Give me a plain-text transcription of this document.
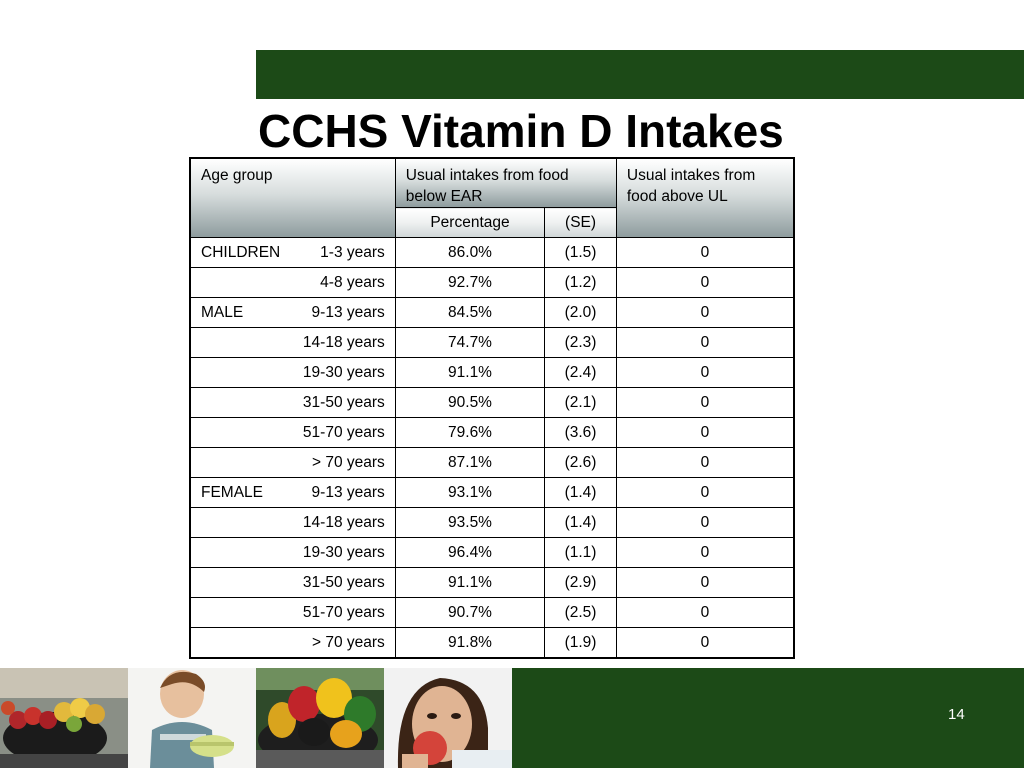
CCHS Vitamin D Intakes
Age group	Usual intakes from food below EAR		Usual intakes from food above UL
	Percentage	(SE)	

CHILDREN 1-3 years	86.0%	(1.5)	0

4-8 years	92.7%	(1.2)	0

MALE 9-13 years	84.5%	(2.0)	0

14-18 years	74.7%	(2.3)	0

19-30 years	91.1%	(2.4)	0

31-50 years	90.5%	(2.1)	0

51-70 years	79.6%	(3.6)	0

> 70 years	87.1%	(2.6)	0

FEMALE 9-13 years	93.1%	(1.4)	0

14-18 years	93.5%	(1.4)	0

19-30 years	96.4%	(1.1)	0

31-50 years	91.1%	(2.9)	0

51-70 years	90.7%	(2.5)	0

> 70 years	91.8%	(1.9)	0
14
